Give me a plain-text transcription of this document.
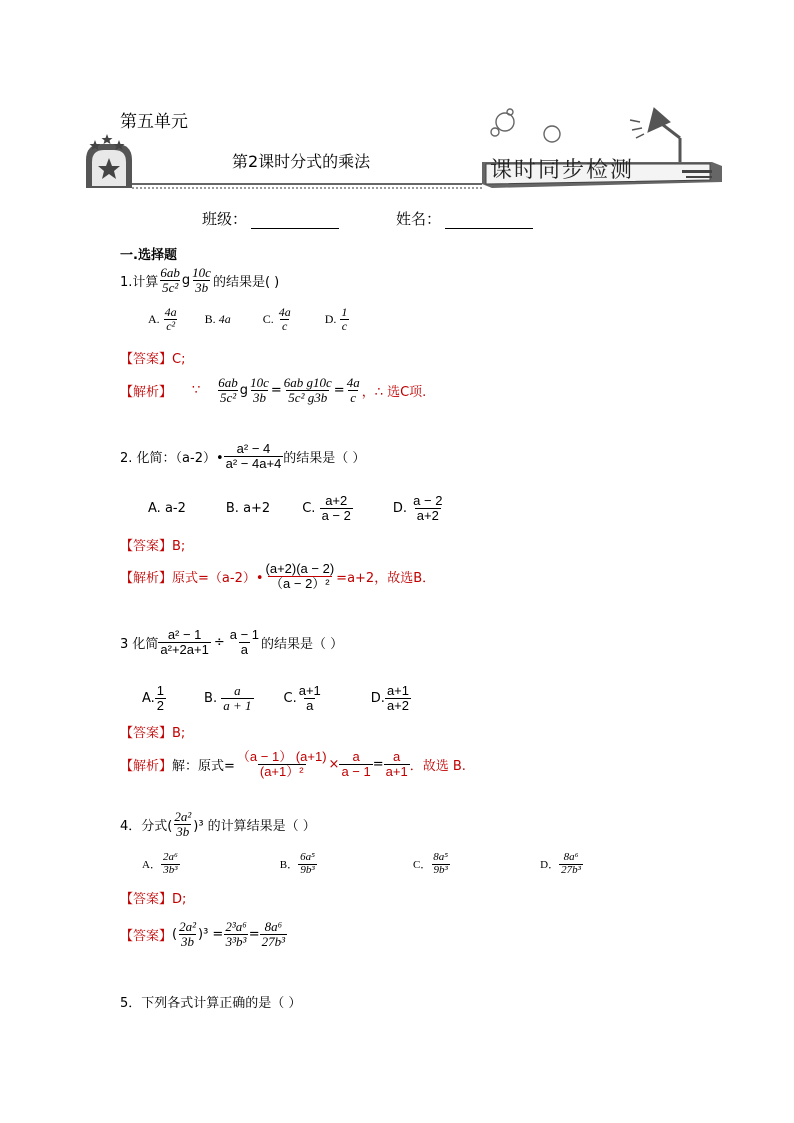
第五单元
课时同步检测
第2课时分式的乘法
班级：	姓名：
一.选择题
1.计算
6ab
5c² g
10c
3b 的结果是( )
A.
4a
c² B. 4a	C.
4a
c	D.
1
c
【答案】C;
【解析】 ∵
6ab
5c² g $\frac{10c}{3b} = \frac{\text{6ab g10c}}{\text{5c² g3b}} = \frac{4a}{c}$ ，∴ 选C项.
2. 化简：（a-2）•
a² − 4
a² − 4a+4 的结果是（ ）
A. a-2	B. a+2 C.

a+2
a − 2	D.

a − 2
a+2
【答案】B;
【解析】 原式=（a-2）• $\frac{(a+2)(a - 2)}{\text{（a − 2）²}} =a+2$，故选B．
3 化简 $\frac{\text{a² − 1}}{\text{a²+2a+1}} \div \frac{a - 1}{a}$ 的结果是（ ）
A.
1
2	B.

a
a + 1 C.
a+1
a	D.
a+1
a+2
【答案】B;
【解析】 解：原式= $\frac{(a - 1) (a+1)}{\text{(a+1）²}} \times \frac{a}{a - 1} = \frac{a}{a+1}$ ．故选 B.
4．分式(
2a²
3b )³ 的计算结果是（ ）
A．
2a⁶
3b³	B．
6a⁵
9b³	C．
8a⁵
9b³	D．
8a⁶
27b³
【答案】D;
【答案】 (
2a²
3b )$^3 = \frac{\text{2³a⁶}}{\text{3³b³}} = \frac{\text{8a⁶}}{\text{27b³}}$
5．下列各式计算正确的是（ ）
